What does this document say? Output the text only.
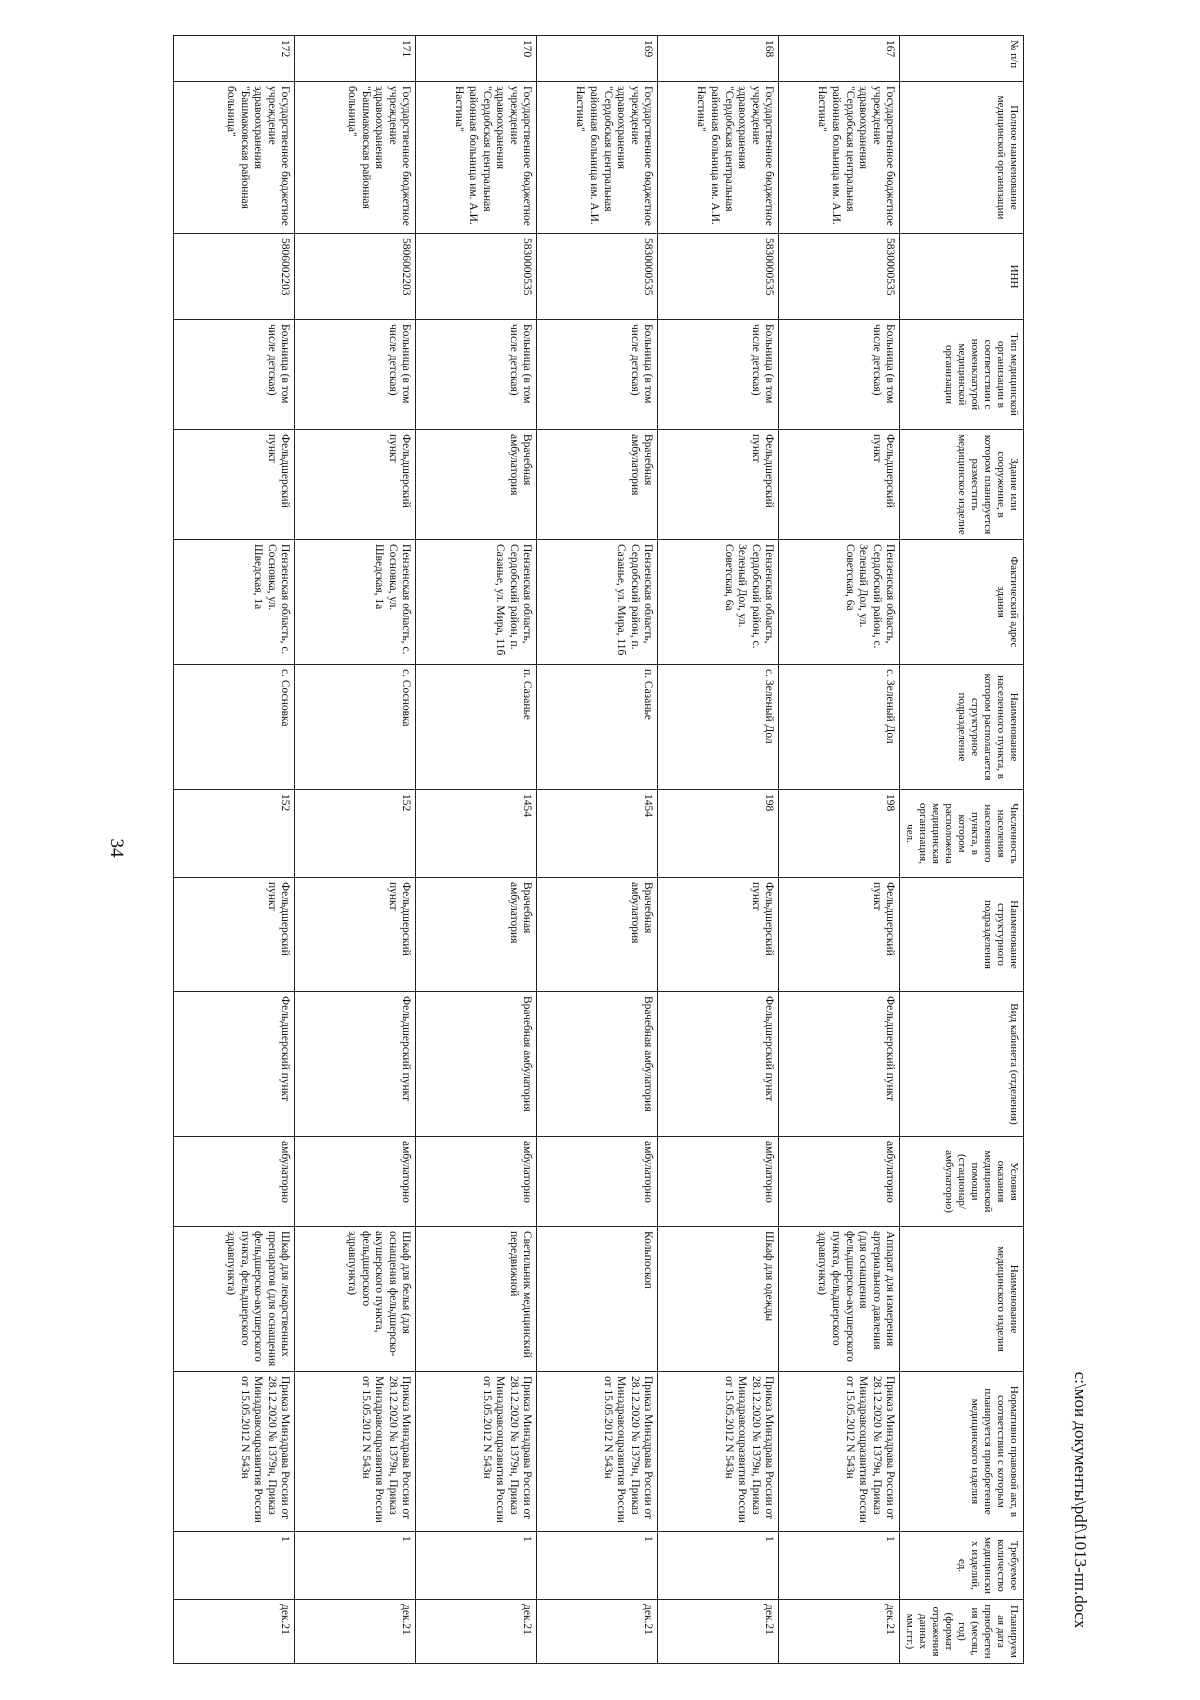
34
№ п/п	Полное наименование медицинской организации	ИНН	Тип медицинской организации в соответствии с номенклатурой медицинской организации	Здание или сооружение, в котором планируется разместить медицинское изделие	Фактический адрес здания	Наименование населенного пункта, в котором располагается структурное подразделение	Численность населения населенного пункта, в котором расположена медицинская организация, чел.	Наименование структурного подразделения	Вид кабинета (отделения)	Условия оказания медицинской помощи (стационар/амбулаторно)	Наименование медицинского изделия	Нормативно правовой акт, в соответствии с которым планируется приобретение медицинского изделия	Требуемое количество медицинских изделий, ед.	Планируемая дата приобретения (месяц, год) (формат отражения данных мм.ггг.)
167	Государственное бюджетное учреждение здравоохранения "Сердобская центральная районная больница им. А.И. Настина"	5830000535	Больница (в том числе детская)	Фельдшерский пункт	Пензенская область, Сердобский район, с. Зеленый Дол, ул. Советская, 6а	с. Зеленый Дол	198	Фельдшерский пункт	Фельдшерский пункт	амбулаторно	Аппарат для измерения артериального давления (для оснащения фельдшерско-акушерского пункта, фельдшерского здравпункта)	Приказ Минздрава России от 28.12.2020 № 1379н, Приказ Минздравсоцразвития России от 15.05.2012 N 543н	1	дек.21
168	Государственное бюджетное учреждение здравоохранения "Сердобская центральная районная больница им. А.И. Настина"	5830000535	Больница (в том числе детская)	Фельдшерский пункт	Пензенская область, Сердобский район, с. Зеленый Дол, ул. Советская, 6а	с. Зеленый Дол	198	Фельдшерский пункт	Фельдшерский пункт	амбулаторно	Шкаф для одежды	Приказ Минздрава России от 28.12.2020 № 1379н, Приказ Минздравсоцразвития России от 15.05.2012 N 543н	1	дек.21
169	Государственное бюджетное учреждение здравоохранения "Сердобская центральная районная больница им. А.И. Настина"	5830000535	Больница (в том числе детская)	Врачебная амбулатория	Пензенская область, Сердобский район, п. Сазанье, ул. Мира, 11б	п. Сазанье	1454	Врачебная амбулатория	Врачебная амбулатория	амбулаторно	Кольпоскоп	Приказ Минздрава России от 28.12.2020 № 1379н, Приказ Минздравсоцразвития России от 15.05.2012 N 543н	1	дек.21
170	Государственное бюджетное учреждение здравоохранения "Сердобская центральная районная больница им. А.И. Настина"	5830000535	Больница (в том числе детская)	Врачебная амбулатория	Пензенская область, Сердобский район, п. Сазанье, ул. Мира, 11б	п. Сазанье	1454	Врачебная амбулатория	Врачебная амбулатория	амбулаторно	Светильник медицинский передвижной	Приказ Минздрава России от 28.12.2020 № 1379н, Приказ Минздравсоцразвития России от 15.05.2012 N 543н	1	дек.21
171	Государственное бюджетное учреждение здравоохранения "Башмаковская районная больница"	5806002203	Больница (в том числе детская)	Фельдшерский пункт	Пензенская область, с. Сосновка, ул. Шведская, 1а	с. Сосновка	152	Фельдшерский пункт	Фельдшерский пункт	амбулаторно	Шкаф для белья (для оснащения фельдшерско-акушерского пункта, фельдшерского здравпункта)	Приказ Минздрава России от 28.12.2020 № 1379н, Приказ Минздравсоцразвития России от 15.05.2012 N 543н	1	дек.21
172	Государственное бюджетное учреждение здравоохранения "Башмаковская районная больница"	5806002203	Больница (в том числе детская)	Фельдшерский пункт	Пензенская область, с. Сосновка, ул. Шведская, 1а	с. Сосновка	152	Фельдшерский пункт	Фельдшерский пункт	амбулаторно	Шкаф для лекарственных препаратов (для оснащения фельдшерско-акушерского пункта, фельдшерского здравпункта)	Приказ Минздрава России от 28.12.2020 № 1379н, Приказ Минздравсоцразвития России от 15.05.2012 N 543н	1	дек.21	c:\мои документы\pdf\1013-пп.docx
